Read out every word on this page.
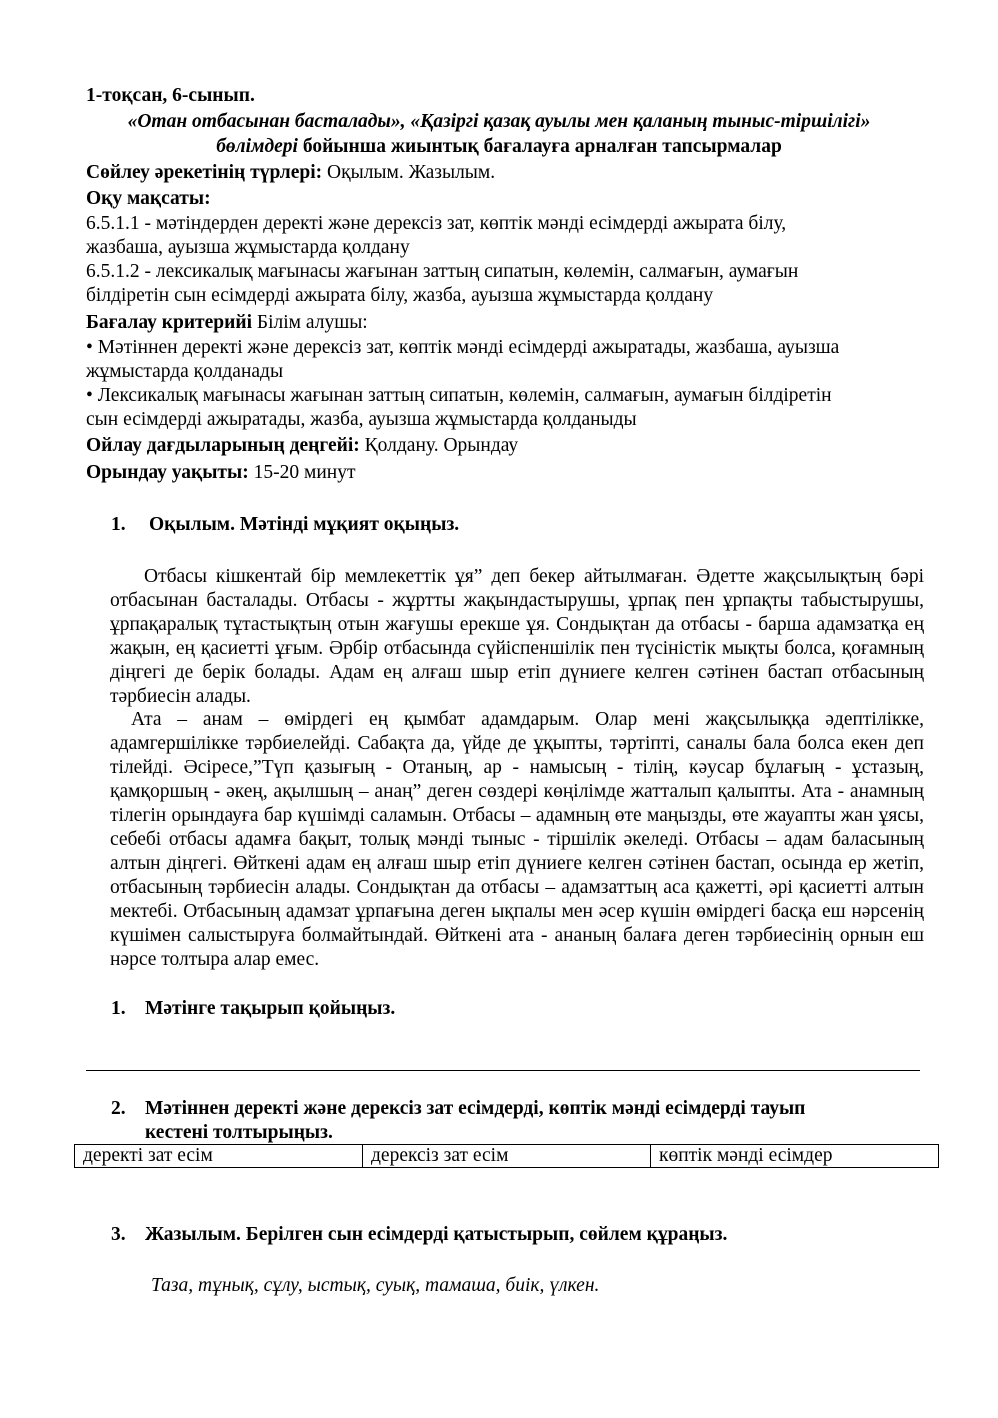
1-тоқсан, 6-сынып.
«Отан отбасынан басталады», «Қазіргі қазақ ауылы мен қаланың тыныс-тіршілігі»
бөлімдері бойынша жиынтық бағалауға арналған тапсырмалар
Сөйлеу әрекетінің түрлері: Оқылым. Жазылым.
Оқу мақсаты:
6.5.1.1 - мәтіндерден деректі және дерексіз зат, көптік мәнді есімдерді ажырата білу,
жазбаша, ауызша жұмыстарда қолдану
6.5.1.2 - лексикалық мағынасы жағынан заттың сипатын, көлемін, салмағын, аумағын
білдіретін сын есімдерді ажырата білу, жазба, ауызша жұмыстарда қолдану
Бағалау критерийі Білім алушы:
• Мәтіннен деректі және дерексіз зат, көптік мәнді есімдерді ажыратады, жазбаша, ауызша
жұмыстарда қолданады
• Лексикалық мағынасы жағынан заттың сипатын, көлемін, салмағын, аумағын білдіретін
сын есімдерді ажыратады, жазба, ауызша жұмыстарда қолданыды
Ойлау дағдыларының деңгейі: Қолдану. Орындау
Орындау уақыты: 15-20 минут
1. Оқылым. Мәтінді мұқият оқыңыз.

Отбасы кішкентай бір мемлекеттік ұя” деп бекер айтылмаған. Әдетте жақсылықтың бәрі отбасынан басталады. Отбасы - жұртты жақындастырушы, ұрпақ пен ұрпақты табыстырушы, ұрпақаралық тұтастықтың отын жағушы ерекше ұя. Сондықтан да отбасы - барша адамзатқа ең жақын, ең қасиетті ұғым. Әрбір отбасында сүйіспеншілік пен түсіністік мықты болса, қоғамның діңгегі де берік болады. Адам ең алғаш шыр етіп дүниеге келген сәтінен бастап отбасының тәрбиесін алады.

Ата – анам – өмірдегі ең қымбат адамдарым. Олар мені жақсылыққа әдептілікке, адамгершілікке тәрбиелейді. Сабақта да, үйде де ұқыпты, тәртіпті, саналы бала болса екен деп тілейді. Әсіресе,”Түп қазығың - Отаның, ар - намысың - тілің, кәусар бұлағың - ұстазың, қамқоршың - әкең, ақылшың – анаң” деген сөздері көңілімде жатталып қалыпты. Ата - анамның тілегін орындауға бар күшімді саламын. Отбасы – адамның өте маңызды, өте жауапты жан ұясы, себебі отбасы адамға бақыт, толық мәнді тыныс - тіршілік әкеледі. Отбасы – адам баласының алтын діңгегі. Өйткені адам ең алғаш шыр етіп дүниеге келген сәтінен бастап, осында ер жетіп, отбасының тәрбиесін алады. Сондықтан да отбасы – адамзаттың аса қажетті, әрі қасиетті алтын мектебі. Отбасының адамзат ұрпағына деген ықпалы мен әсер күшін өмірдегі басқа еш нәрсенің күшімен салыстыруға болмайтындай. Өйткені ата - ананың балаға деген тәрбиесінің орнын еш нәрсе толтыра алар емес.

1. Мәтінге тақырып қойыңыз.
2. Мәтіннен деректі және дерексіз зат есімдерді, көптік мәнді есімдерді тауып
кестені толтырыңыз.
деректі зат есім	дерексіз зат есім	көптік мәнді есімдер
3. Жазылым. Берілген сын есімдерді қатыстырып, сөйлем құраңыз.
Таза, тұнық, сұлу, ыстық, суық, тамаша, биік, үлкен.
